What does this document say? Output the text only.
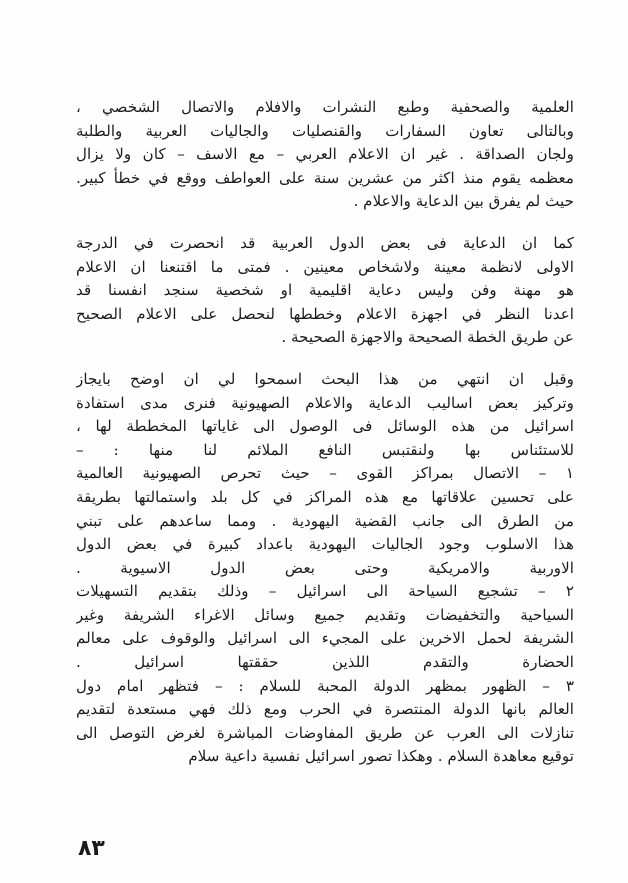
العلمية والصحفية وطبع النشرات والافلام والاتصال الشخصي ،
وبالتالى تعاون السفارات والقنصليات والجاليات العربية والطلبة
ولجان الصداقة . غير ان الاعلام العربي – مع الاسف – كان ولا يزال
معظمه يقوم منذ اكثر من عشرين سنة على العواطف ووقع في خطأ كبير.
حيث لم يفرق بين الدعاية والاعلام .
كما ان الدعاية فى بعض الدول العربية قد انحصرت في الدرجة
الاولى لانظمة معينة ولاشخاص معينين . فمتى ما اقتنعنا ان الاعلام
هو مهنة وفن وليس دعاية اقليمية او شخصية سنجد انفسنا قد
اعدنا النظر في اجهزة الاعلام وخططها لنحصل على الاعلام الصحيح
عن طريق الخطة الصحيحة والاجهزة الصحيحة .
وقبل ان انتهي من هذا البحث اسمحوا لي ان اوضح بايجاز
وتركيز بعض اساليب الدعاية والاعلام الصهيونية فنرى مدى استفادة
اسرائيل من هذه الوسائل فى الوصول الى غاياتها المخططة لها ،
للاستئناس بها ولنقتبس النافع الملائم لنا منها : –
١ – الاتصال بمراكز القوى – حيث تحرص الصهيونية العالمية
على تحسين علاقاتها مع هذه المراكز في كل بلد واستمالتها بطريقة
من الطرق الى جانب القضية اليهودية . ومما ساعدهم على تبني
هذا الاسلوب وجود الجاليات اليهودية باعداد كبيرة في بعض الدول
الاوربية والامريكية وحتى بعض الدول الاسيوية .
٢ – تشجيع السياحة الى اسرائيل – وذلك بتقديم التسهيلات
السياحية والتخفيضات وتقديم جميع وسائل الاغراء الشريفة وغير
الشريفة لحمل الاخرين على المجيء الى اسرائيل والوقوف على معالم
الحضارة والتقدم اللذين حققتها اسرائيل .
٣ – الظهور بمظهر الدولة المحبة للسلام : – فتظهر امام دول
العالم بانها الدولة المنتصرة في الحرب ومع ذلك فهي مستعدة لتقديم
تنازلات الى العرب عن طريق المفاوضات المباشرة لغرض التوصل الى
توقيع معاهدة السلام . وهكذا تصور اسرائيل نفسية داعية سلام
٨٣
